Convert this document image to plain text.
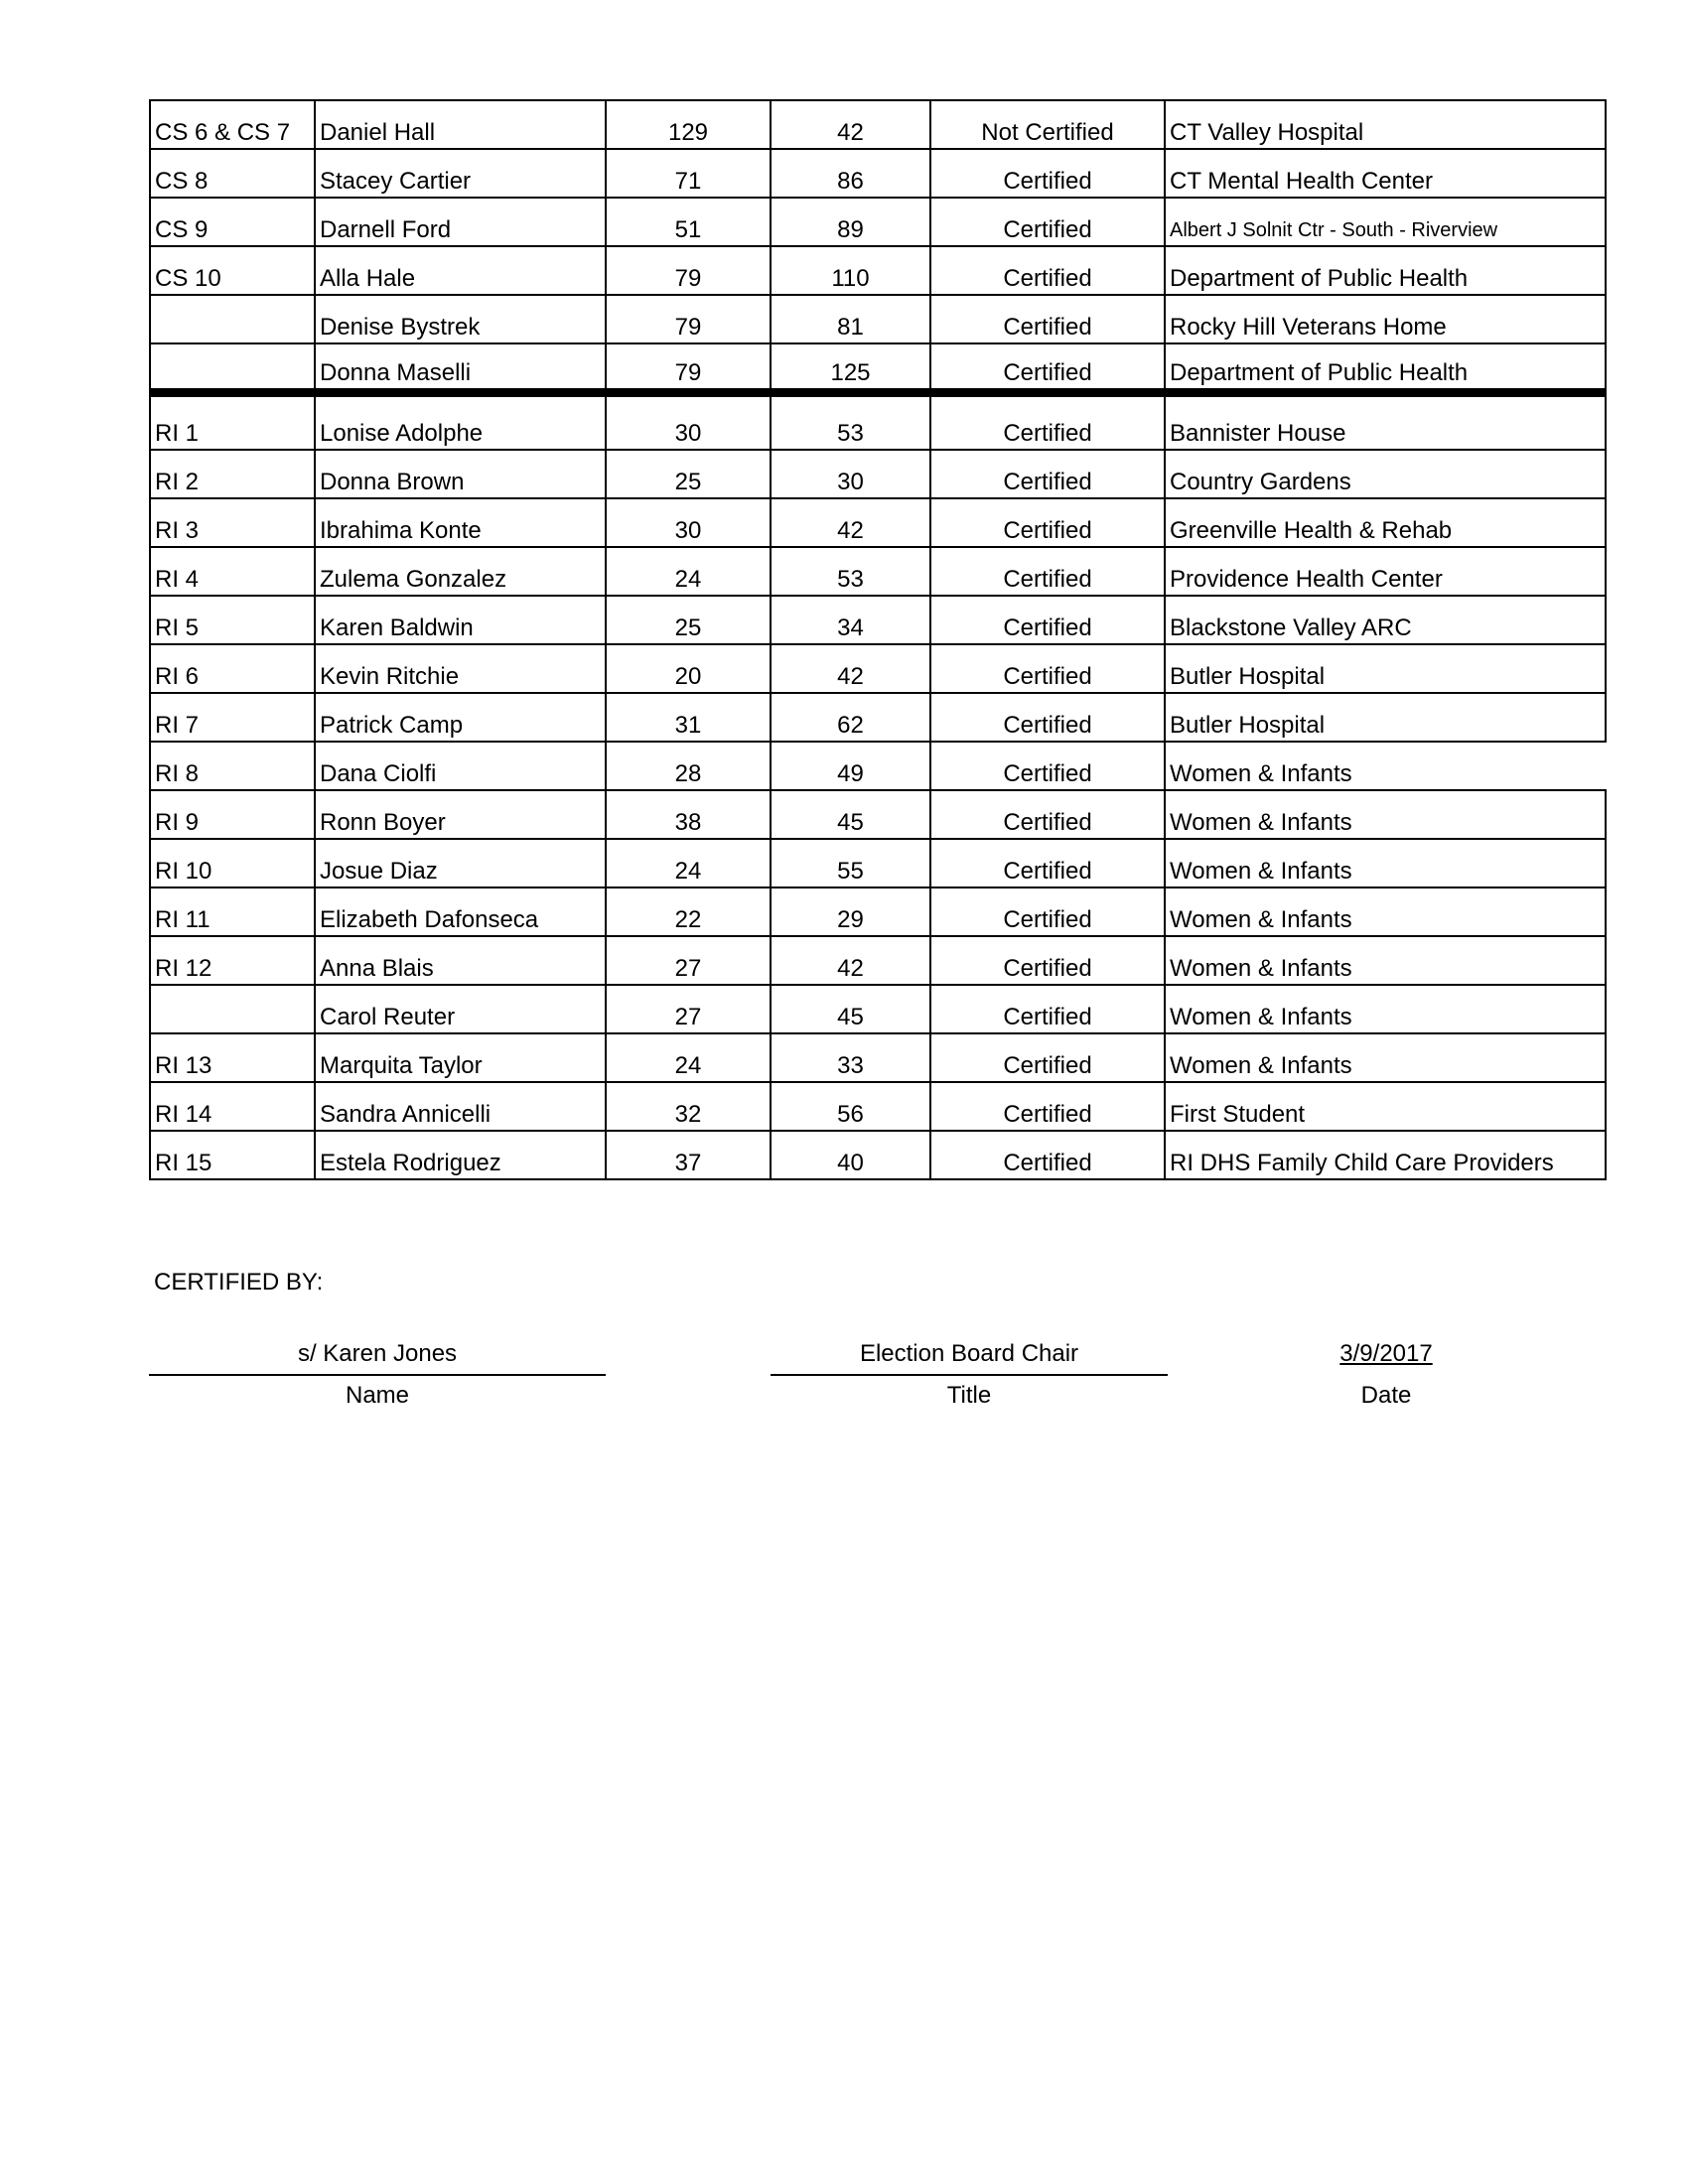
CS 6 & CS 7	Daniel Hall	129	42	Not Certified	CT Valley Hospital
CS 8	Stacey Cartier	71	86	Certified	CT Mental Health Center
CS 9	Darnell Ford	51	89	Certified	Albert J Solnit Ctr - South - Riverview
CS 10	Alla Hale	79	110	Certified	Department of Public Health
	Denise Bystrek	79	81	Certified	Rocky Hill Veterans Home
	Donna Maselli	79	125	Certified	Department of Public Health
RI 1	Lonise Adolphe	30	53	Certified	Bannister House
RI 2	Donna Brown	25	30	Certified	Country Gardens
RI 3	Ibrahima Konte	30	42	Certified	Greenville Health & Rehab
RI 4	Zulema Gonzalez	24	53	Certified	Providence Health Center
RI 5	Karen Baldwin	25	34	Certified	Blackstone Valley ARC
RI 6	Kevin Ritchie	20	42	Certified	Butler Hospital
RI 7	Patrick Camp	31	62	Certified	Butler Hospital
RI 8	Dana Ciolfi	28	49	Certified	Women & Infants
RI 9	Ronn Boyer	38	45	Certified	Women & Infants
RI 10	Josue Diaz	24	55	Certified	Women & Infants
RI 11	Elizabeth Dafonseca	22	29	Certified	Women & Infants
RI 12	Anna Blais	27	42	Certified	Women & Infants
	Carol Reuter	27	45	Certified	Women & Infants
RI 13	Marquita Taylor	24	33	Certified	Women & Infants
RI 14	Sandra Annicelli	32	56	Certified	First Student
RI 15	Estela Rodriguez	37	40	Certified	RI DHS Family Child Care Providers
CERTIFIED BY:
s/ Karen Jones
Name
Election Board Chair
Title
3/9/2017
Date
